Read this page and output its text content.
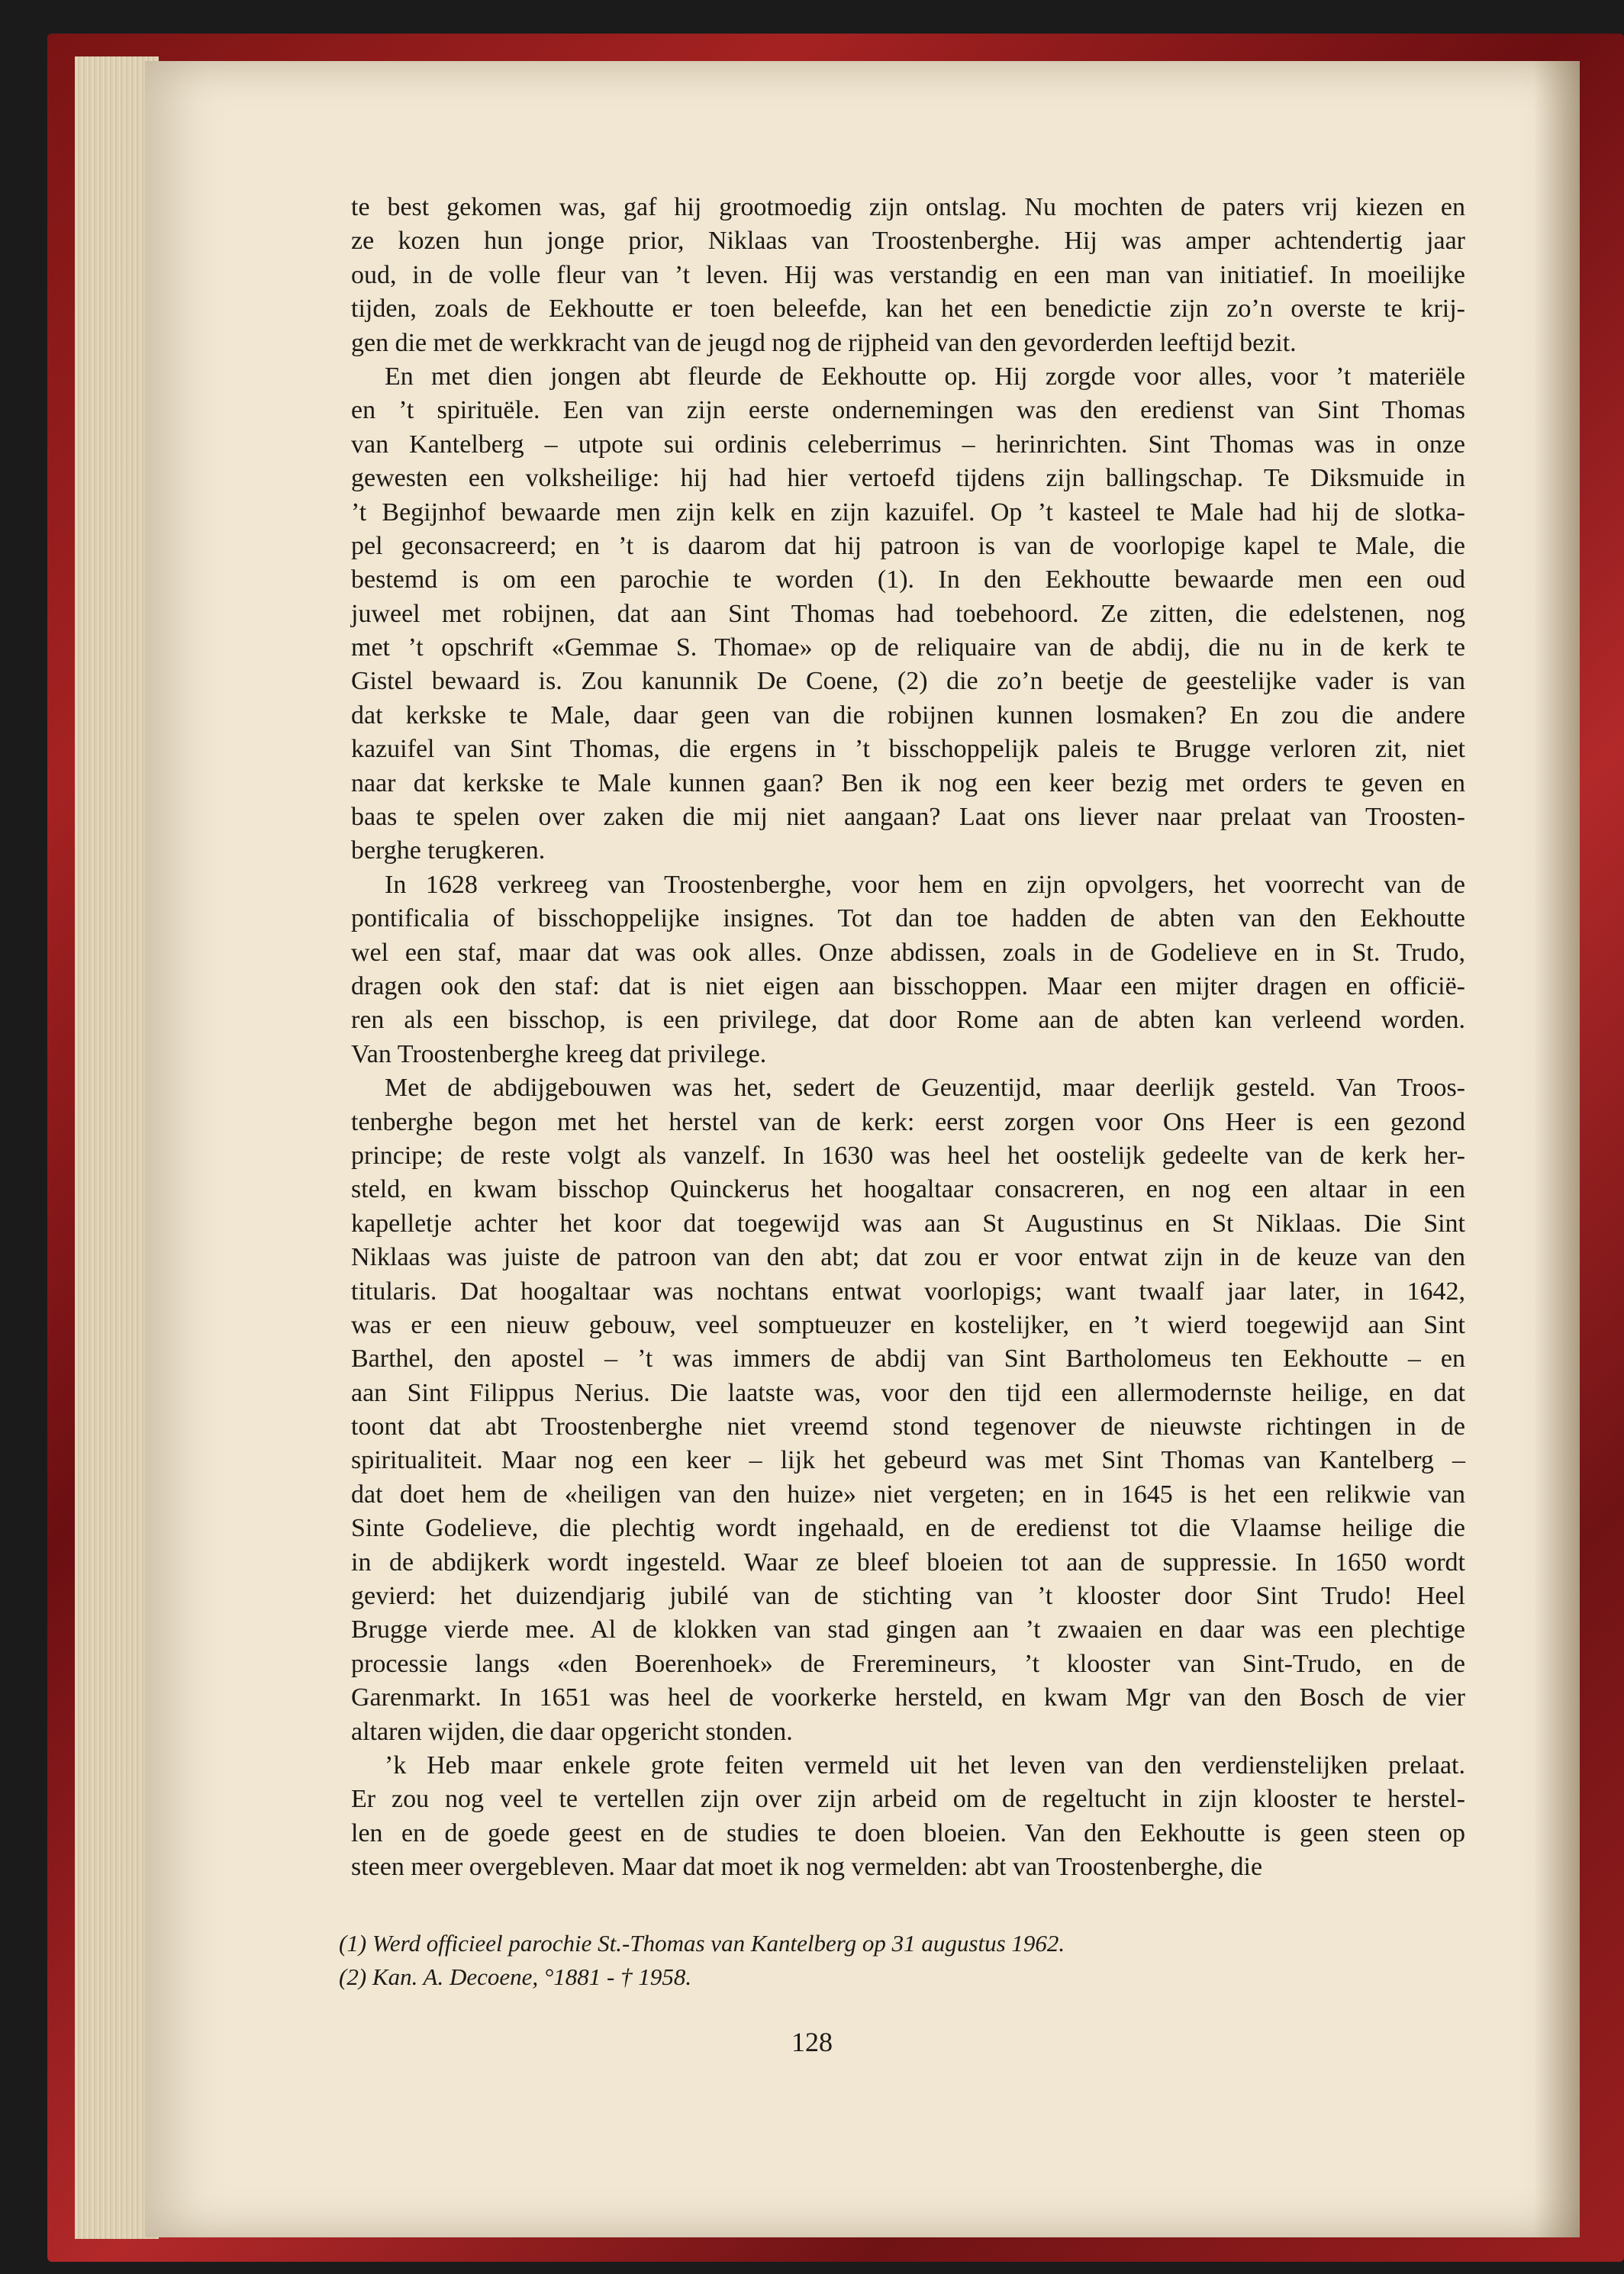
te best gekomen was, gaf hij grootmoedig zijn ontslag. Nu mochten de paters vrij kiezen en
ze kozen hun jonge prior, Niklaas van Troostenberghe. Hij was amper achtendertig jaar
oud, in de volle fleur van ’t leven. Hij was verstandig en een man van initiatief. In moeilijke
tijden, zoals de Eekhoutte er toen beleefde, kan het een benedictie zijn zo’n overste te krij-
gen die met de werkkracht van de jeugd nog de rijpheid van den gevorderden leeftijd bezit.
En met dien jongen abt fleurde de Eekhoutte op. Hij zorgde voor alles, voor ’t materiële
en ’t spirituële. Een van zijn eerste ondernemingen was den eredienst van Sint Thomas
van Kantelberg – utpote sui ordinis celeberrimus – herinrichten. Sint Thomas was in onze
gewesten een volksheilige: hij had hier vertoefd tijdens zijn ballingschap. Te Diksmuide in
’t Begijnhof bewaarde men zijn kelk en zijn kazuifel. Op ’t kasteel te Male had hij de slotka-
pel geconsacreerd; en ’t is daarom dat hij patroon is van de voorlopige kapel te Male, die
bestemd is om een parochie te worden (1). In den Eekhoutte bewaarde men een oud
juweel met robijnen, dat aan Sint Thomas had toebehoord. Ze zitten, die edelstenen, nog
met ’t opschrift «Gemmae S. Thomae» op de reliquaire van de abdij, die nu in de kerk te
Gistel bewaard is. Zou kanunnik De Coene, (2) die zo’n beetje de geestelijke vader is van
dat kerkske te Male, daar geen van die robijnen kunnen losmaken? En zou die andere
kazuifel van Sint Thomas, die ergens in ’t bisschoppelijk paleis te Brugge verloren zit, niet
naar dat kerkske te Male kunnen gaan? Ben ik nog een keer bezig met orders te geven en
baas te spelen over zaken die mij niet aangaan? Laat ons liever naar prelaat van Troosten-
berghe terugkeren.
In 1628 verkreeg van Troostenberghe, voor hem en zijn opvolgers, het voorrecht van de
pontificalia of bisschoppelijke insignes. Tot dan toe hadden de abten van den Eekhoutte
wel een staf, maar dat was ook alles. Onze abdissen, zoals in de Godelieve en in St. Trudo,
dragen ook den staf: dat is niet eigen aan bisschoppen. Maar een mijter dragen en officië-
ren als een bisschop, is een privilege, dat door Rome aan de abten kan verleend worden.
Van Troostenberghe kreeg dat privilege.
Met de abdijgebouwen was het, sedert de Geuzentijd, maar deerlijk gesteld. Van Troos-
tenberghe begon met het herstel van de kerk: eerst zorgen voor Ons Heer is een gezond
principe; de reste volgt als vanzelf. In 1630 was heel het oostelijk gedeelte van de kerk her-
steld, en kwam bisschop Quinckerus het hoogaltaar consacreren, en nog een altaar in een
kapelletje achter het koor dat toegewijd was aan St Augustinus en St Niklaas. Die Sint
Niklaas was juiste de patroon van den abt; dat zou er voor entwat zijn in de keuze van den
titularis. Dat hoogaltaar was nochtans entwat voorlopigs; want twaalf jaar later, in 1642,
was er een nieuw gebouw, veel somptueuzer en kostelijker, en ’t wierd toegewijd aan Sint
Barthel, den apostel – ’t was immers de abdij van Sint Bartholomeus ten Eekhoutte – en
aan Sint Filippus Nerius. Die laatste was, voor den tijd een allermodernste heilige, en dat
toont dat abt Troostenberghe niet vreemd stond tegenover de nieuwste richtingen in de
spiritualiteit. Maar nog een keer – lijk het gebeurd was met Sint Thomas van Kantelberg –
dat doet hem de «heiligen van den huize» niet vergeten; en in 1645 is het een relikwie van
Sinte Godelieve, die plechtig wordt ingehaald, en de eredienst tot die Vlaamse heilige die
in de abdijkerk wordt ingesteld. Waar ze bleef bloeien tot aan de suppressie. In 1650 wordt
gevierd: het duizendjarig jubilé van de stichting van ’t klooster door Sint Trudo! Heel
Brugge vierde mee. Al de klokken van stad gingen aan ’t zwaaien en daar was een plechtige
processie langs «den Boerenhoek» de Freremineurs, ’t klooster van Sint-Trudo, en de
Garenmarkt. In 1651 was heel de voorkerke hersteld, en kwam Mgr van den Bosch de vier
altaren wijden, die daar opgericht stonden.
’k Heb maar enkele grote feiten vermeld uit het leven van den verdienstelijken prelaat.
Er zou nog veel te vertellen zijn over zijn arbeid om de regeltucht in zijn klooster te herstel-
len en de goede geest en de studies te doen bloeien. Van den Eekhoutte is geen steen op
steen meer overgebleven. Maar dat moet ik nog vermelden: abt van Troostenberghe, die
(1) Werd officieel parochie St.-Thomas van Kantelberg op 31 augustus 1962.
(2) Kan. A. Decoene, °1881 - † 1958.
128
